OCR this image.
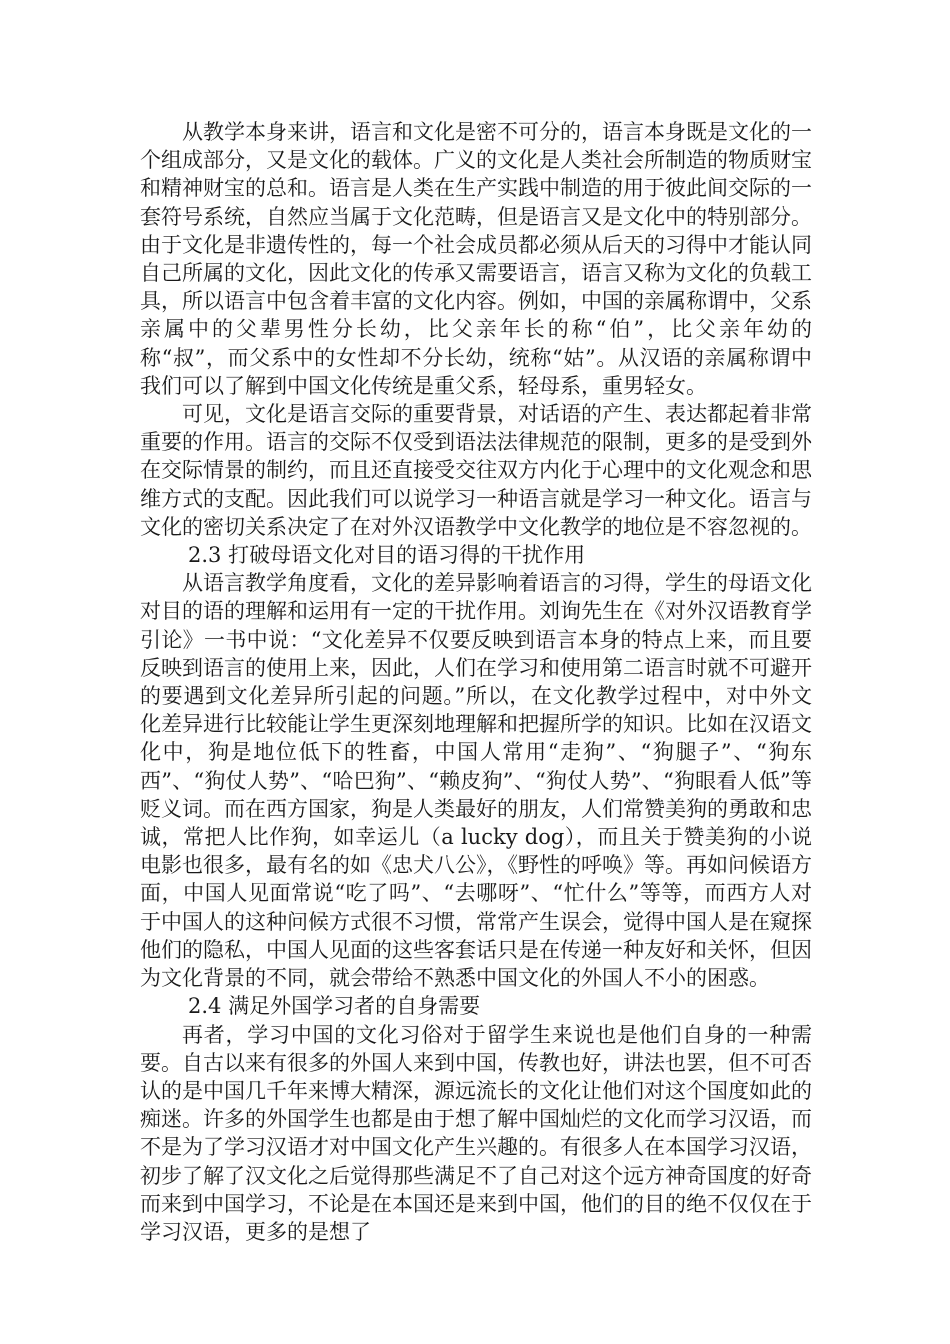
从教学本身来讲，语言和文化是密不可分的，语言本身既是文化的一个组成部分，又是文化的载体。广义的文化是人类社会所制造的物质财宝和精神财宝的总和。语言是人类在生产实践中制造的用于彼此间交际的一套符号系统，自然应当属于文化范畴，但是语言又是文化中的特别部分。由于文化是非遗传性的，每一个社会成员都必须从后天的习得中才能认同自己所属的文化，因此文化的传承又需要语言，语言又称为文化的负载工具，所以语言中包含着丰富的文化内容。例如，中国的亲属称谓中，父系亲属中的父辈男性分长幼，比父亲年长的称“伯”，比父亲年幼的称“叔”，而父系中的女性却不分长幼，统称“姑”。从汉语的亲属称谓中我们可以了解到中国文化传统是重父系，轻母系，重男轻女。

可见，文化是语言交际的重要背景，对话语的产生、表达都起着非常重要的作用。语言的交际不仅受到语法法律规范的限制，更多的是受到外在交际情景的制约，而且还直接受交往双方内化于心理中的文化观念和思维方式的支配。因此我们可以说学习一种语言就是学习一种文化。语言与文化的密切关系决定了在对外汉语教学中文化教学的地位是不容忽视的。

2.3 打破母语文化对目的语习得的干扰作用

从语言教学角度看，文化的差异影响着语言的习得，学生的母语文化对目的语的理解和运用有一定的干扰作用。刘询先生在《对外汉语教育学引论》一书中说：“文化差异不仅要反映到语言本身的特点上来，而且要反映到语言的使用上来，因此，人们在学习和使用第二语言时就不可避开的要遇到文化差异所引起的问题。”所以，在文化教学过程中，对中外文化差异进行比较能让学生更深刻地理解和把握所学的知识。比如在汉语文化中，狗是地位低下的牲畜，中国人常用“走狗”、“狗腿子”、“狗东西”、“狗仗人势”、“哈巴狗”、“赖皮狗”、“狗仗人势”、“狗眼看人低”等贬义词。而在西方国家，狗是人类最好的朋友，人们常赞美狗的勇敢和忠诚，常把人比作狗，如幸运儿（a lucky dog），而且关于赞美狗的小说电影也很多，最有名的如《忠犬八公》，《野性的呼唤》等。再如问候语方面，中国人见面常说“吃了吗”、“去哪呀”、“忙什么”等等，而西方人对于中国人的这种问候方式很不习惯，常常产生误会，觉得中国人是在窥探他们的隐私，中国人见面的这些客套话只是在传递一种友好和关怀，但因为文化背景的不同，就会带给不熟悉中国文化的外国人不小的困惑。

2.4 满足外国学习者的自身需要

再者，学习中国的文化习俗对于留学生来说也是他们自身的一种需要。自古以来有很多的外国人来到中国，传教也好，讲法也罢，但不可否认的是中国几千年来博大精深，源远流长的文化让他们对这个国度如此的痴迷。许多的外国学生也都是由于想了解中国灿烂的文化而学习汉语，而不是为了学习汉语才对中国文化产生兴趣的。有很多人在本国学习汉语，初步了解了汉文化之后觉得那些满足不了自己对这个远方神奇国度的好奇而来到中国学习，不论是在本国还是来到中国，他们的目的绝不仅仅在于学习汉语，更多的是想了
